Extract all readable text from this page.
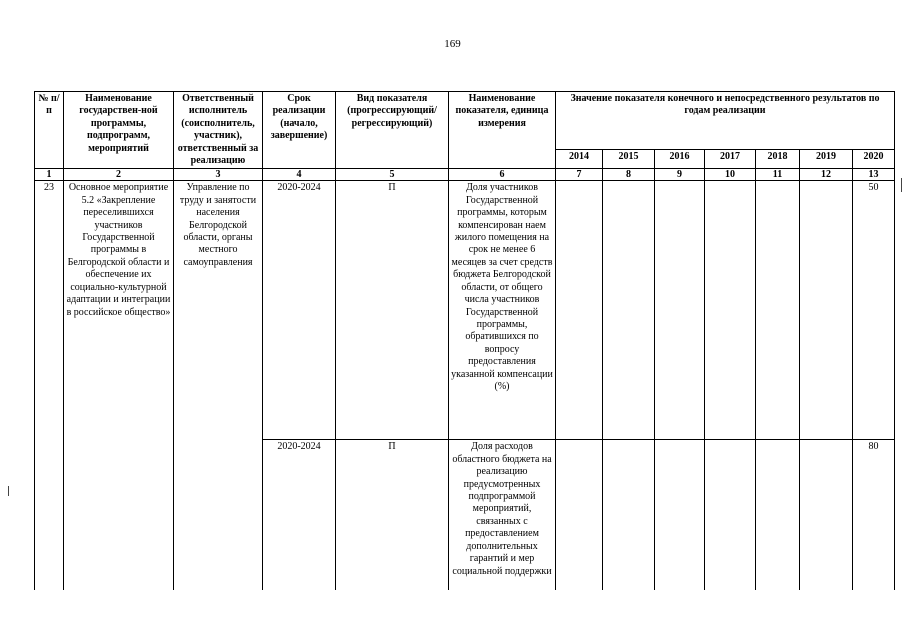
169
№ п/п	Наименование государствен-ной программы, подпрограмм, мероприятий	Ответственный исполнитель (соисполнитель, участник), ответственный за реализацию	Срок реализации (начало, завершение)	Вид показателя (прогрессирующий/ регрессирующий)	Наименование показателя, единица измерения	Значение показателя конечного и непосредственного результатов по годам реализации						
						2014	2015	2016	2017	2018	2019	2020
1	2	3	4	5	6	7	8	9	10	11	12	13
23	Основное мероприятие 5.2 «Закрепление переселившихся участников Государственной программы в Белгородской области и обеспечение их социально-культурной адаптации и интеграции в российское общество»	Управление по труду и занятости населения Белгородской области, органы местного самоуправления	2020-2024	П	Доля участников Государственной программы, которым компенсирован наем жилого помещения на срок не менее 6 месяцев за счет средств бюджета Белгородской области, от общего числа участников Государственной программы, обратившихся по вопросу предоставления указанной компенсации (%)							50
			2020-2024	П	Доля расходов областного бюджета на реализацию предусмотренных подпрограммой мероприятий, связанных с предоставлением дополнительных гарантий и мер социальной поддержки							80
